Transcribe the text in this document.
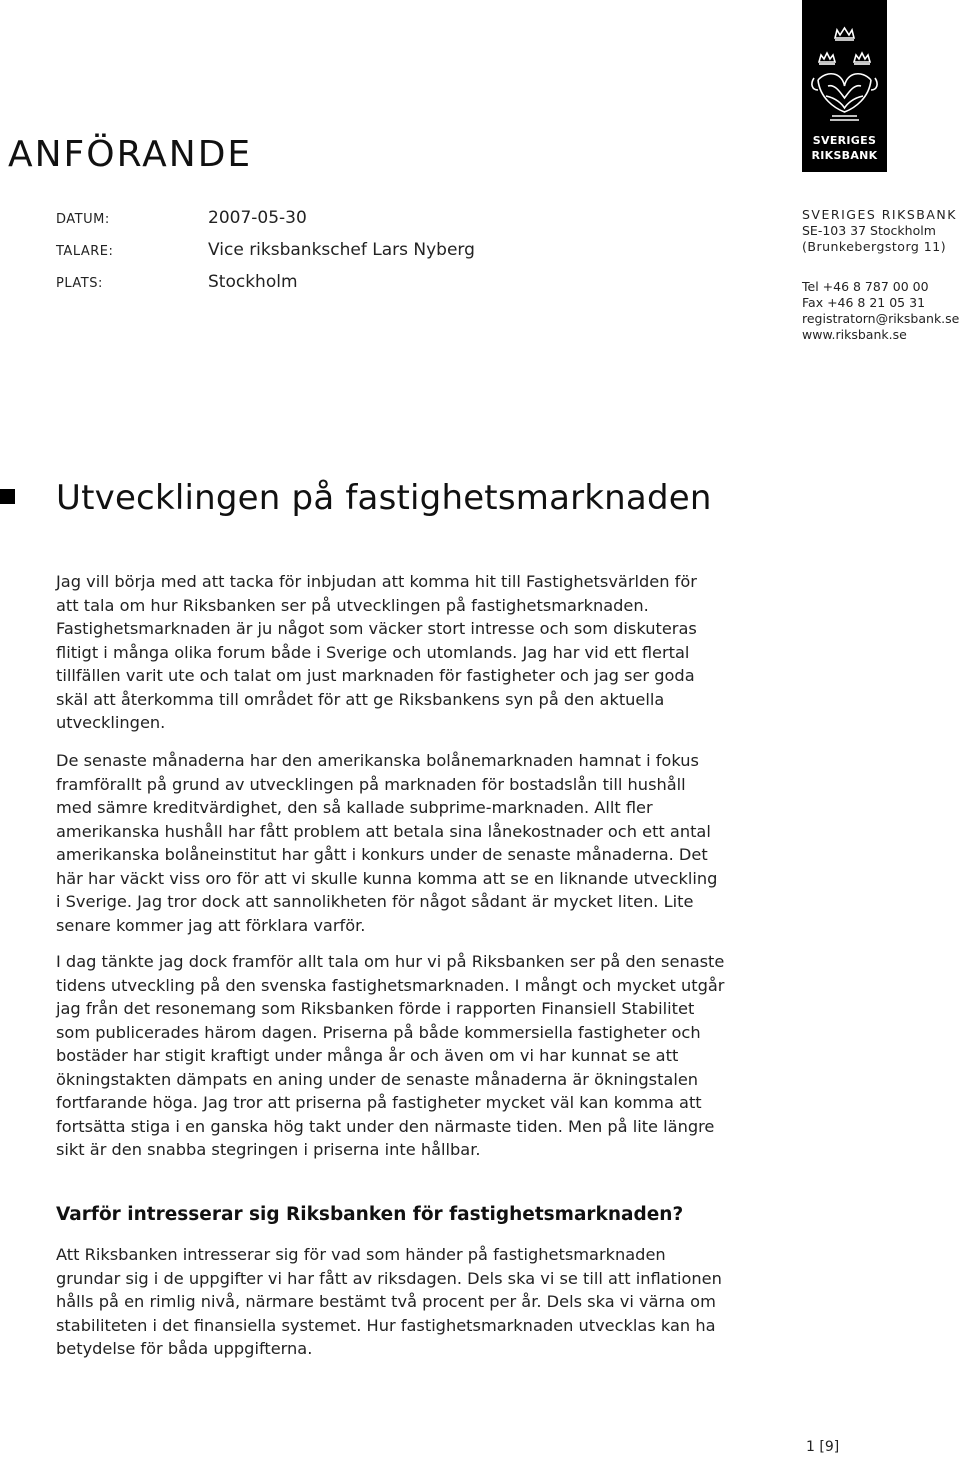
SVERIGES
RIKSBANK
ANFÖRANDE
DATUM:	2007-05-30
TALARE:	Vice riksbankschef Lars Nyberg
PLATS:	Stockholm
SVERIGES RIKSBANK
SE-103 37 Stockholm
(Brunkebergstorg 11)
Tel +46 8 787 00 00
Fax +46 8 21 05 31
registratorn@riksbank.se
www.riksbank.se
Utvecklingen på fastighetsmarknaden
Jag vill börja med att tacka för inbjudan att komma hit till Fastighetsvärlden för
att tala om hur Riksbanken ser på utvecklingen på fastighetsmarknaden.
Fastighetsmarknaden är ju något som väcker stort intresse och som diskuteras
flitigt i många olika forum både i Sverige och utomlands. Jag har vid ett flertal
tillfällen varit ute och talat om just marknaden för fastigheter och jag ser goda
skäl att återkomma till området för att ge Riksbankens syn på den aktuella
utvecklingen.
De senaste månaderna har den amerikanska bolånemarknaden hamnat i fokus
framförallt på grund av utvecklingen på marknaden för bostadslån till hushåll
med sämre kreditvärdighet, den så kallade subprime-marknaden. Allt fler
amerikanska hushåll har fått problem att betala sina lånekostnader och ett antal
amerikanska bolåneinstitut har gått i konkurs under de senaste månaderna. Det
här har väckt viss oro för att vi skulle kunna komma att se en liknande utveckling
i Sverige. Jag tror dock att sannolikheten för något sådant är mycket liten. Lite
senare kommer jag att förklara varför.
I dag tänkte jag dock framför allt tala om hur vi på Riksbanken ser på den senaste
tidens utveckling på den svenska fastighetsmarknaden. I mångt och mycket utgår
jag från det resonemang som Riksbanken förde i rapporten Finansiell Stabilitet
som publicerades härom dagen. Priserna på både kommersiella fastigheter och
bostäder har stigit kraftigt under många år och även om vi har kunnat se att
ökningstakten dämpats en aning under de senaste månaderna är ökningstalen
fortfarande höga. Jag tror att priserna på fastigheter mycket väl kan komma att
fortsätta stiga i en ganska hög takt under den närmaste tiden. Men på lite längre
sikt är den snabba stegringen i priserna inte hållbar.
Varför intresserar sig Riksbanken för fastighetsmarknaden?
Att Riksbanken intresserar sig för vad som händer på fastighetsmarknaden
grundar sig i de uppgifter vi har fått av riksdagen. Dels ska vi se till att inflationen
hålls på en rimlig nivå, närmare bestämt två procent per år. Dels ska vi värna om
stabiliteten i det finansiella systemet. Hur fastighetsmarknaden utvecklas kan ha
betydelse för båda uppgifterna.
1 [9]
